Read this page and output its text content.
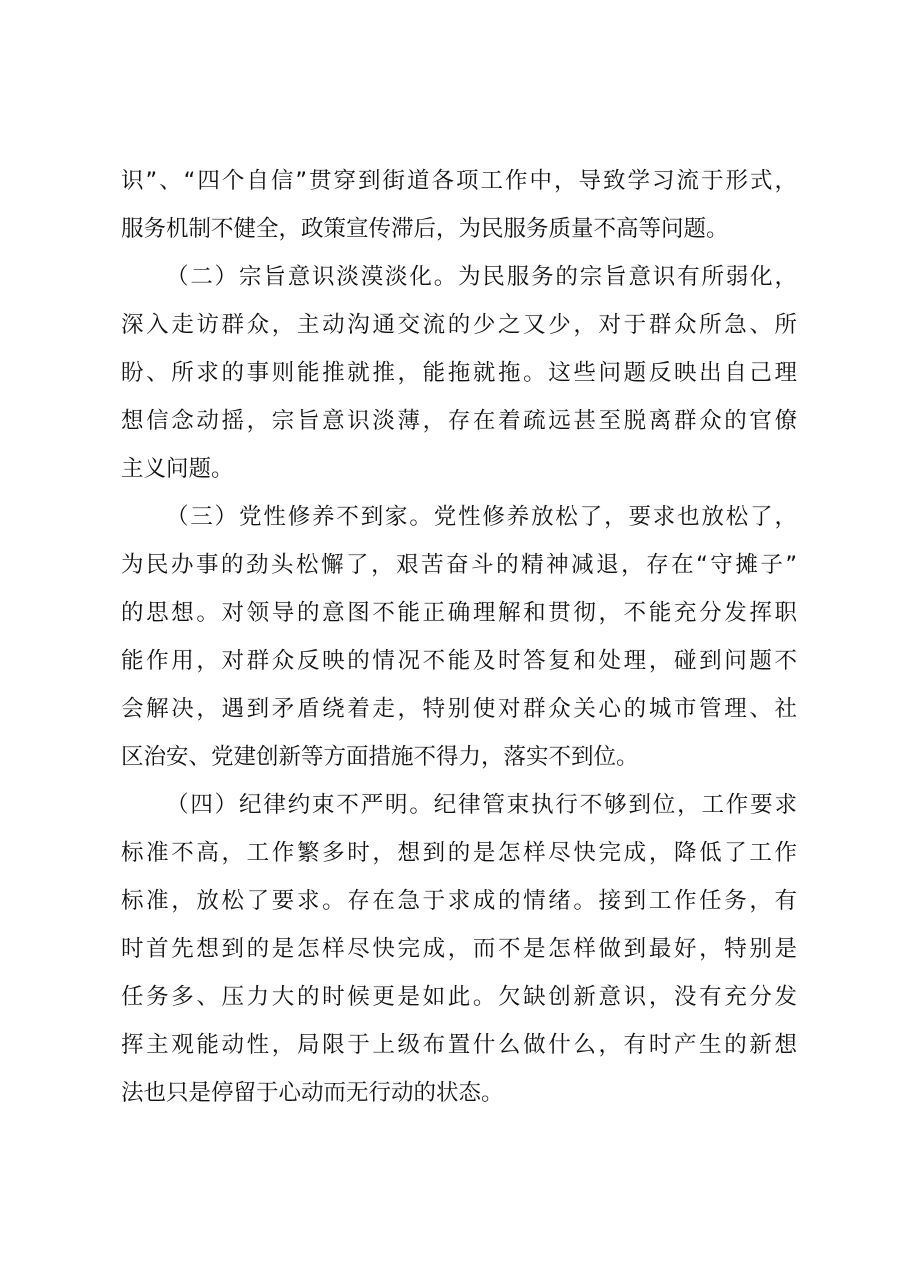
识”、“四个自信”贯穿到街道各项工作中，导致学习流于形式，
服务机制不健全，政策宣传滞后，为民服务质量不高等问题。
（二）宗旨意识淡漠淡化。为民服务的宗旨意识有所弱化，
深入走访群众，主动沟通交流的少之又少，对于群众所急、所
盼、所求的事则能推就推，能拖就拖。这些问题反映出自己理
想信念动摇，宗旨意识淡薄，存在着疏远甚至脱离群众的官僚
主义问题。
（三）党性修养不到家。党性修养放松了，要求也放松了，
为民办事的劲头松懈了，艰苦奋斗的精神减退，存在“守摊子”
的思想。对领导的意图不能正确理解和贯彻，不能充分发挥职
能作用，对群众反映的情况不能及时答复和处理，碰到问题不
会解决，遇到矛盾绕着走，特别使对群众关心的城市管理、社
区治安、党建创新等方面措施不得力，落实不到位。
（四）纪律约束不严明。纪律管束执行不够到位，工作要求
标准不高，工作繁多时，想到的是怎样尽快完成，降低了工作
标准，放松了要求。存在急于求成的情绪。接到工作任务，有
时首先想到的是怎样尽快完成，而不是怎样做到最好，特别是
任务多、压力大的时候更是如此。欠缺创新意识，没有充分发
挥主观能动性，局限于上级布置什么做什么，有时产生的新想
法也只是停留于心动而无行动的状态。
